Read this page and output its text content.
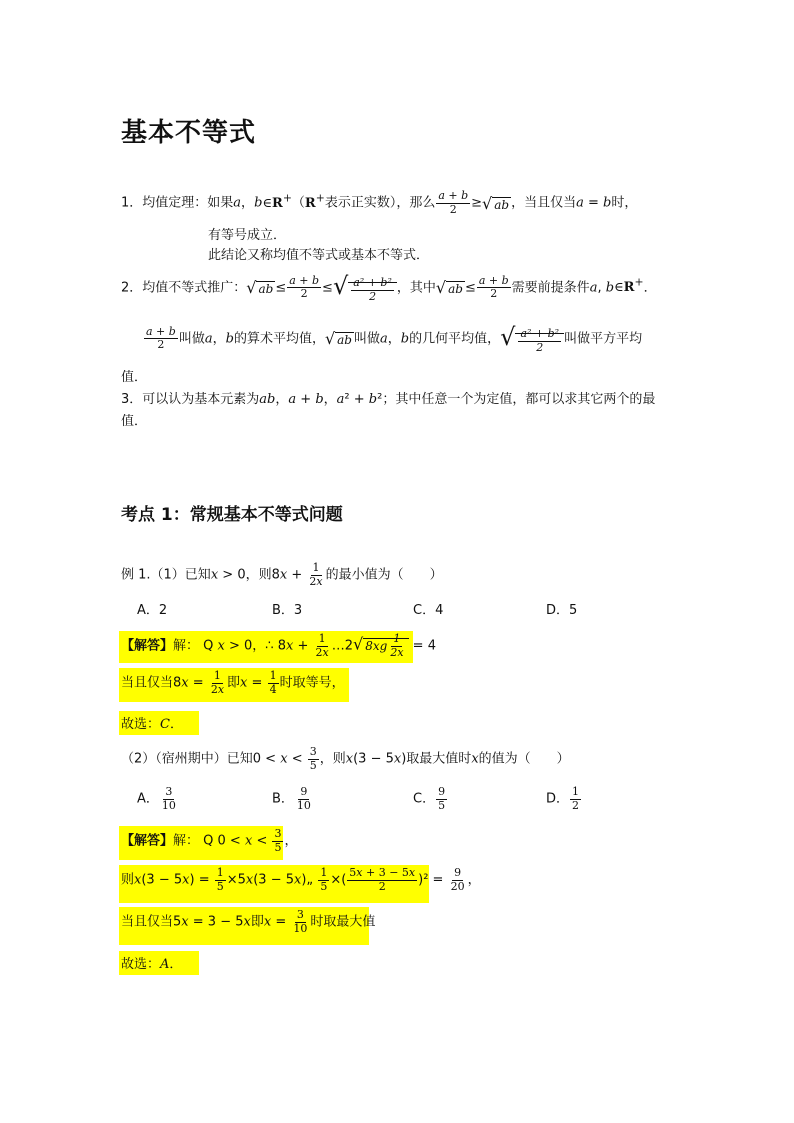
基本不等式
1．均值定理：如果a，b∈R+（R+表示正实数），那么 $\frac{a + b}{2}$ ≥√ ab ，当且仅当a = b时，
有等号成立．
此结论又称均值不等式或基本不等式．
2．均值不等式推广：√ ab ≤ $\frac{a + b}{2}$ ≤√ $\frac{\text{a² + b²}}{2}$ ，其中√ ab ≤ $\frac{a + b}{2}$ 需要前提条件a, b∈R+．
$\frac{a + b}{2}$ 叫做a，b的算术平均值，√ ab 叫做a，b的几何平均值，√ $\frac{\text{a² + b²}}{2}$ 叫做平方平均
值．
3．可以认为基本元素为ab，a + b，a² + b²；其中任意一个为定值，都可以求其它两个的最
值．
考点 1：常规基本不等式问题
例 1.（1）已知x > 0，则$8x + \frac{1}{2x}$ 的最小值为（　　）
A．2	B．3	C．4	D．5
【解答】解： Q x > 0，∴ $8x + \frac{1}{2x}$ …2√ $8xg \frac{1}{2x} = 4$
当且仅当$8x = \frac{1}{2x}$ 即$x = \frac{1}{4}$ 时取等号，
故选：C．
（2）（宿州期中）已知$0 < x < \frac{3}{5}$ ，则x(3 − 5x)取最大值时x的值为（　　）
A． $\frac{3}{10}$	B． $\frac{9}{10}$	C． $\frac{9}{5}$	D． $\frac{1}{2}$
【解答】解： Q $0 < x < \frac{3}{5}$ ，
则$x(3 - 5x) = \frac{1}{5} \times 5x(3$ − 5x)„ $\frac{1}{5}$ ×( $\frac{5x + 3 - 5x}{2} )^2 = \frac{9}{20}$ ，
当且仅当5x = 3 − 5x即$x = \frac{3}{10}$ 时取最大值
故选：A．
